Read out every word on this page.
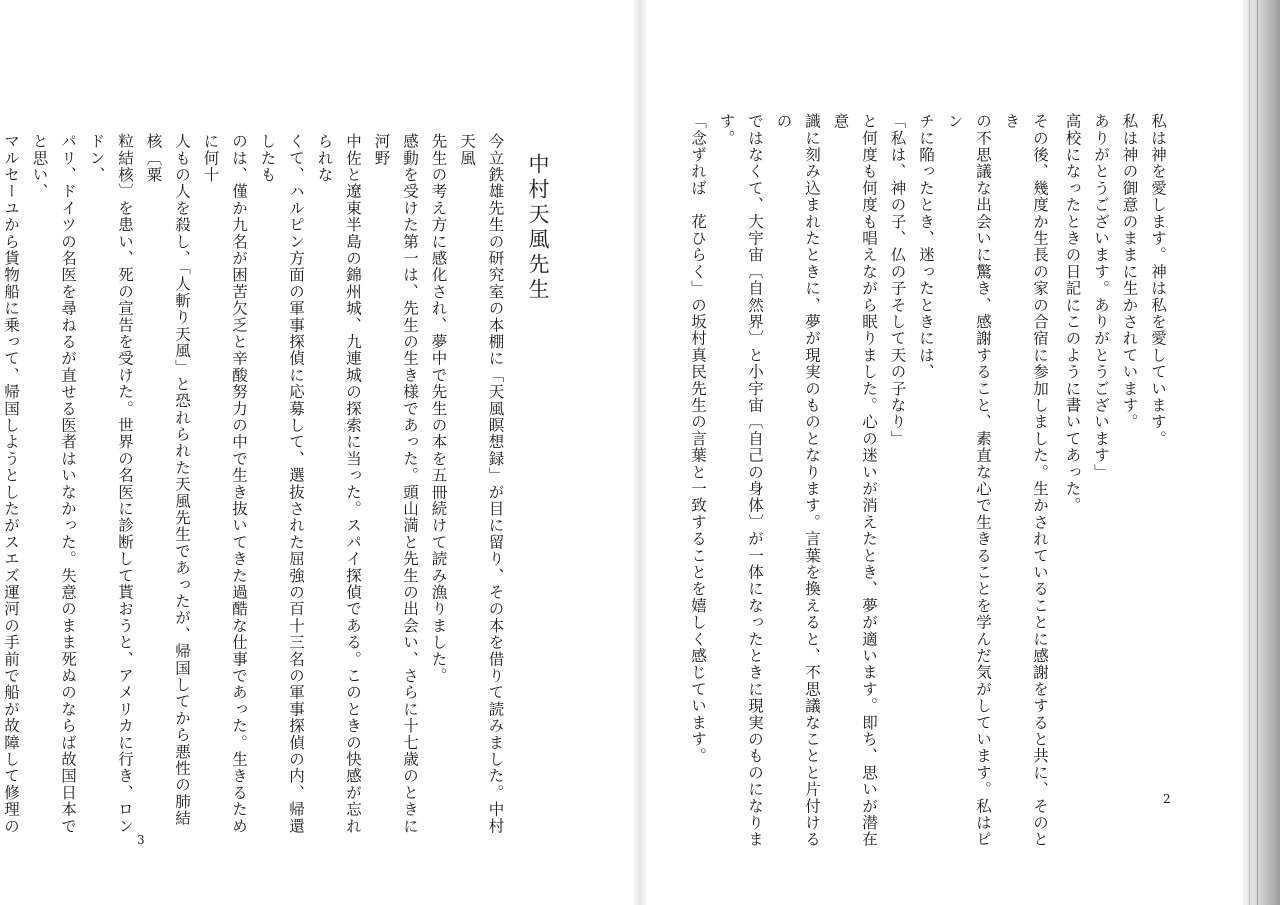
私は神を愛します。神は私を愛しています。

私は神の御意のままに生かされています。

ありがとうございます。ありがとうございます」

高校になったときの日記にこのように書いてあった。

その後、幾度か生長の家の合宿に参加しました。生かされていることに感謝をすると共に、そのとき

の不思議な出会いに驚き、感謝すること、素直な心で生きることを学んだ気がしています。私はピン

チに陥ったとき、迷ったときには、

「私は、神の子、仏の子そして天の子なり」

と何度も何度も唱えながら眠りました。心の迷いが消えたとき、夢が適います。即ち、思いが潜在意

識に刻み込まれたときに、夢が現実のものとなります。言葉を換えると、不思議なことと片付けるの

ではなくて、大宇宙〔自然界〕と小宇宙〔自己の身体〕が一体になったときに現実のものになります。

「念ずれば　花ひらく」の坂村真民先生の言葉と一致することを嬉しく感じています。

中村天風先生

今立鉄雄先生の研究室の本棚に「天風瞑想録」が目に留り、その本を借りて読みました。中村天風

先生の考え方に感化され、夢中で先生の本を五冊続けて読み漁りました。

感動を受けた第一は、先生の生き様であった。頭山満と先生の出会い、さらに十七歳のときに河野

中佐と遼東半島の錦州城、九連城の探索に当った。スパイ探偵である。このときの快感が忘れられな

くて、ハルピン方面の軍事探偵に応募して、選抜された屈強の百十三名の軍事探偵の内、帰還したも

のは、僅か九名が困苦欠乏と辛酸努力の中で生き抜いてきた過酷な仕事であった。生きるために何十

人もの人を殺し、「人斬り天風」と恐れられた天風先生であったが、帰国してから悪性の肺結核〔粟

粒結核〕を患い、死の宣告を受けた。世界の名医に診断して貰おうと、アメリカに行き、ロンドン、

パリ、ドイツの名医を尋ねるが直せる医者はいなかった。失意のまま死ぬのならば故国日本でと思い、

マルセーユから貨物船に乗って、帰国しようとしたがスエズ運河の手前で船が故障して修理の

2
3
